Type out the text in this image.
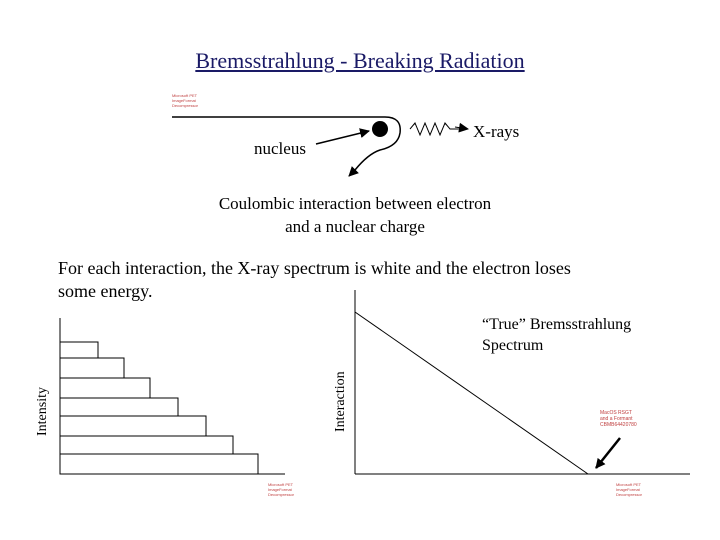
Bremsstrahlung - Breaking Radiation
nucleus
X-rays
Coulombic interaction between electron
and a nuclear charge
For each interaction, the X-ray spectrum is white and the electron loses
some energy.
Intensity	Interaction
“True” Bremsstrahlung
Spectrum
Microsoft PET
ImageFormat
Decompressor
MacOS RSGT
and a Formant
CBMB64420780
Microsoft PET
ImageFormat
Decompressor
Microsoft PET
ImageFormat
Decompressor
